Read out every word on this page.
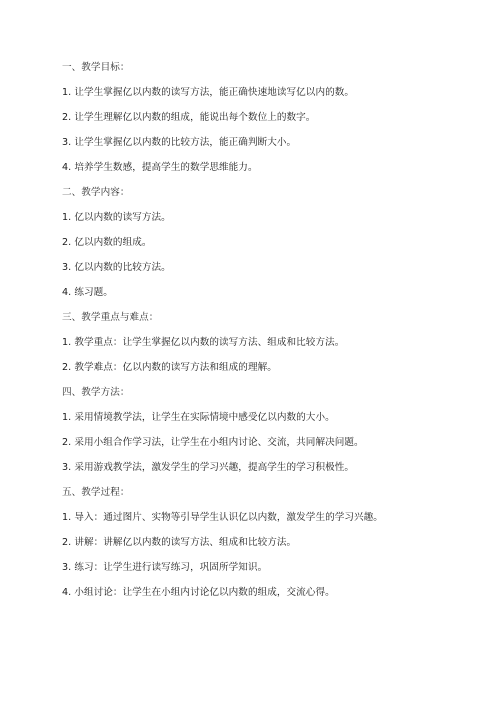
一、教学目标：
1. 让学生掌握亿以内数的读写方法，能正确快速地读写亿以内的数。
2. 让学生理解亿以内数的组成，能说出每个数位上的数字。
3. 让学生掌握亿以内数的比较方法，能正确判断大小。
4. 培养学生数感，提高学生的数学思维能力。
二、教学内容：
1. 亿以内数的读写方法。
2. 亿以内数的组成。
3. 亿以内数的比较方法。
4. 练习题。
三、教学重点与难点：
1. 教学重点：让学生掌握亿以内数的读写方法、组成和比较方法。
2. 教学难点：亿以内数的读写方法和组成的理解。
四、教学方法：
1. 采用情境教学法，让学生在实际情境中感受亿以内数的大小。
2. 采用小组合作学习法，让学生在小组内讨论、交流，共同解决问题。
3. 采用游戏教学法，激发学生的学习兴趣，提高学生的学习积极性。
五、教学过程：
1. 导入：通过图片、实物等引导学生认识亿以内数，激发学生的学习兴趣。
2. 讲解：讲解亿以内数的读写方法、组成和比较方法。
3. 练习：让学生进行读写练习，巩固所学知识。
4. 小组讨论：让学生在小组内讨论亿以内数的组成，交流心得。
